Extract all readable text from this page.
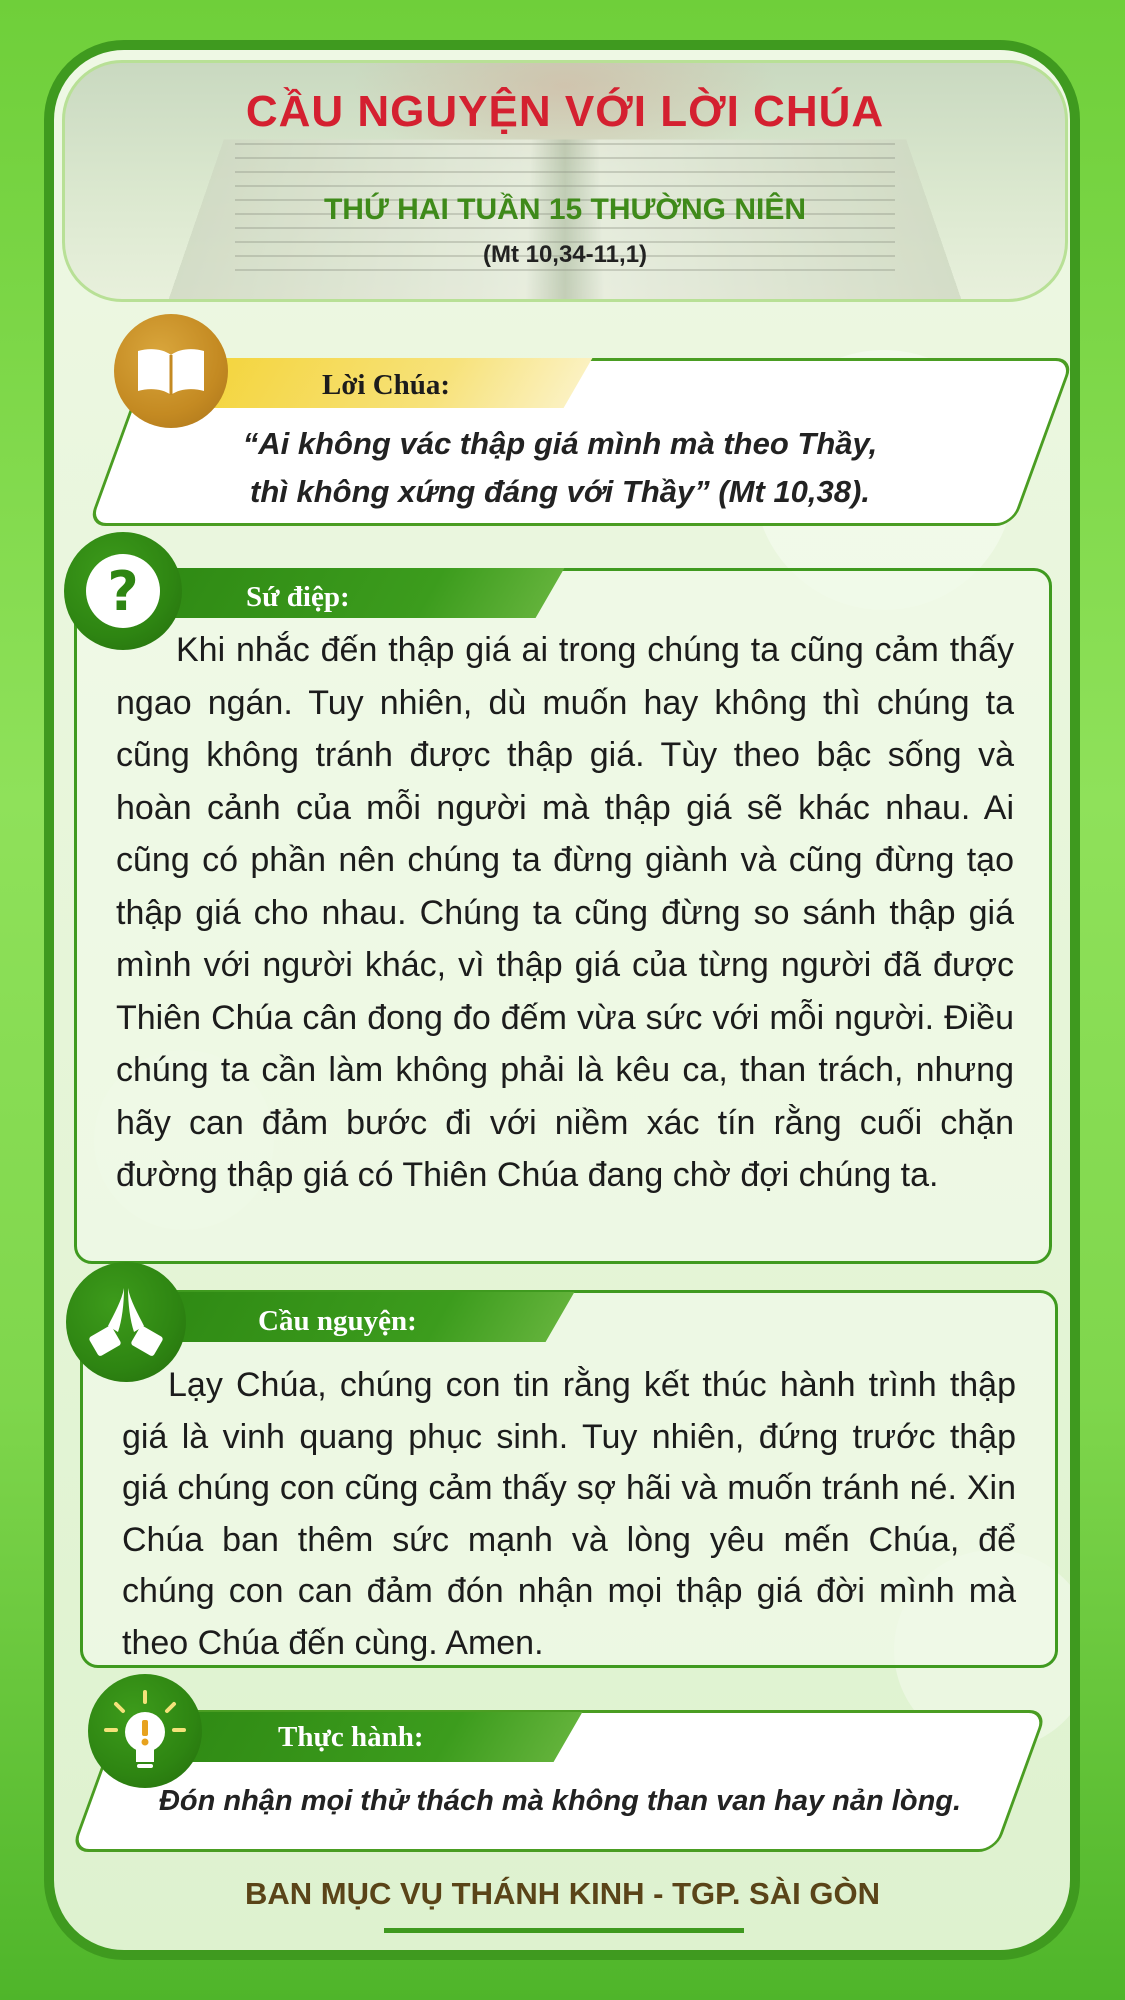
CẦU NGUYỆN VỚI LỜI CHÚA
THỨ HAI TUẦN 15 THƯỜNG NIÊN
(Mt 10,34-11,1)
Lời Chúa:
“Ai không vác thập giá mình mà theo Thầy,
thì không xứng đáng với Thầy” (Mt 10,38).
Sứ điệp:
?
Khi nhắc đến thập giá ai trong chúng ta cũng cảm thấy ngao ngán. Tuy nhiên, dù muốn hay không thì chúng ta cũng không tránh được thập giá. Tùy theo bậc sống và hoàn cảnh của mỗi người mà thập giá sẽ khác nhau. Ai cũng có phần nên chúng ta đừng giành và cũng đừng tạo thập giá cho nhau. Chúng ta cũng đừng so sánh thập giá mình với người khác, vì thập giá của từng người đã được Thiên Chúa cân đong đo đếm vừa sức với mỗi người. Điều chúng ta cần làm không phải là kêu ca, than trách, nhưng hãy can đảm bước đi với niềm xác tín rằng cuối chặn đường thập giá có Thiên Chúa đang chờ đợi chúng ta.
Cầu nguyện:
Lạy Chúa, chúng con tin rằng kết thúc hành trình thập giá là vinh quang phục sinh. Tuy nhiên, đứng trước thập giá chúng con cũng cảm thấy sợ hãi và muốn tránh né. Xin Chúa ban thêm sức mạnh và lòng yêu mến Chúa, để chúng con can đảm đón nhận mọi thập giá đời mình mà theo Chúa đến cùng. Amen.
Thực hành:
Đón nhận mọi thử thách mà không than van hay nản lòng.
BAN MỤC VỤ THÁNH KINH - TGP. SÀI GÒN
